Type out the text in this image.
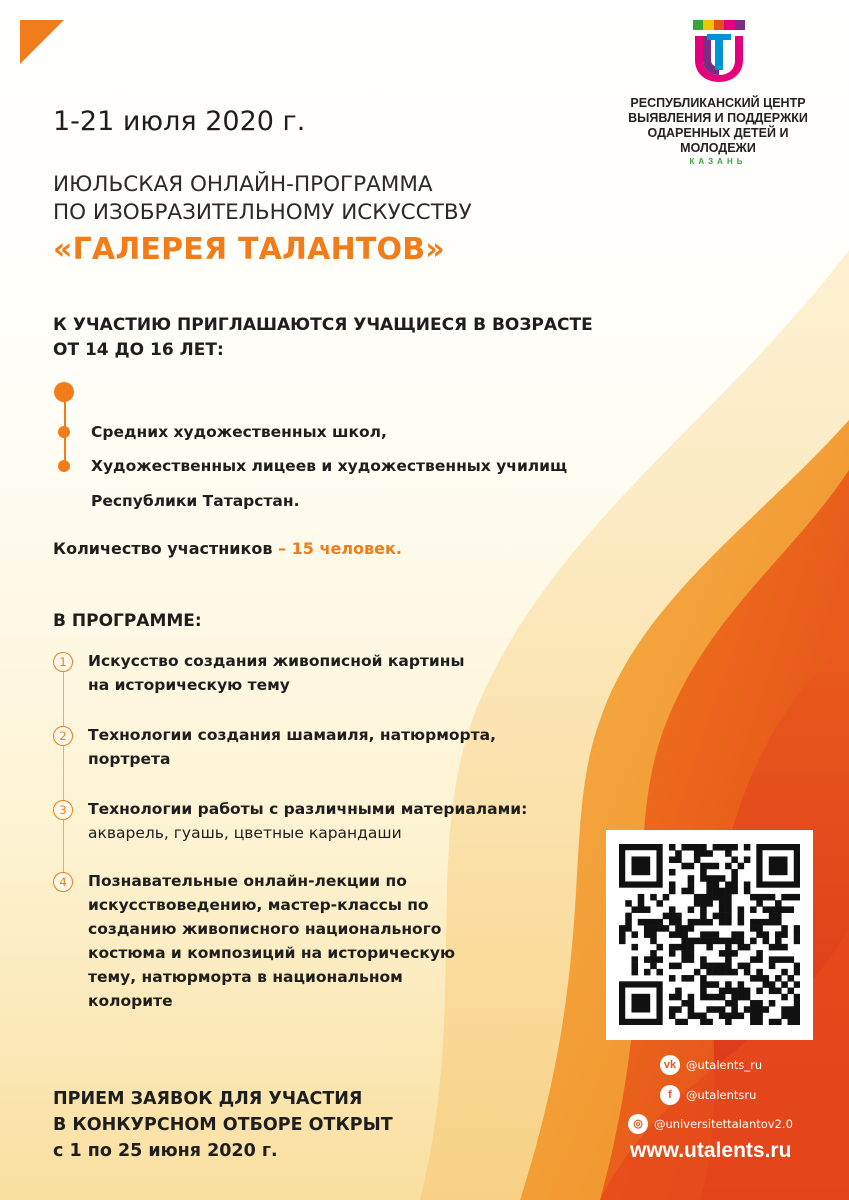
РЕСПУБЛИКАНСКИЙ ЦЕНТР
ВЫЯВЛЕНИЯ И ПОДДЕРЖКИ
ОДАРЕННЫХ ДЕТЕЙ И
МОЛОДЕЖИ
КАЗАНЬ
1-21 июля 2020 г.
ИЮЛЬСКАЯ ОНЛАЙН-ПРОГРАММА
ПО ИЗОБРАЗИТЕЛЬНОМУ ИСКУССТВУ
«ГАЛЕРЕЯ ТАЛАНТОВ»
К УЧАСТИЮ ПРИГЛАШАЮТСЯ УЧАЩИЕСЯ В ВОЗРАСТЕ
ОТ 14 ДО 16 ЛЕТ:
Средних художественных школ,
Художественных лицеев и художественных училищ
Республики Татарстан.
Количество участников – 15 человек.
В ПРОГРАММЕ:
1	Искусство создания живописной картины
на историческую тему
2	Технологии создания шамаиля, натюрморта,
портрета
3	Технологии работы с различными материалами:
акварель, гуашь, цветные карандаши
4	Познавательные онлайн-лекции по
искусствоведению, мастер-классы по
созданию живописного национального
костюма и композиций на историческую
тему, натюрморта в национальном
колорите
ПРИЕМ ЗАЯВОК ДЛЯ УЧАСТИЯ
В КОНКУРСНОМ ОТБОРЕ ОТКРЫТ
с 1 по 25 июня 2020 г.
vk @utalents_ru
f	@utalentsru
◎ @universitettalantov2.0
www.utalents.ru
